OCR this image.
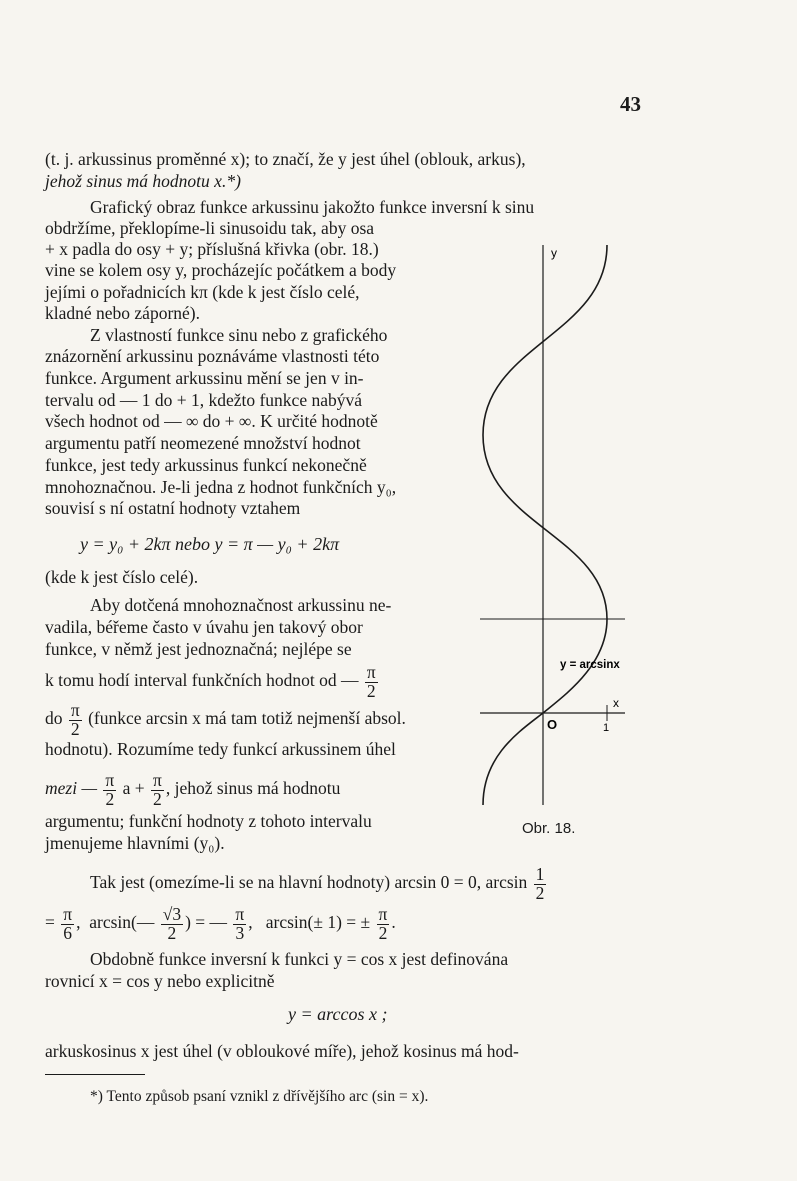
43
(t. j. arkussinus proměnné x); to značí, že y jest úhel (oblouk, arkus),
jehož sinus má hodnotu x.*)
Grafický obraz funkce arkussinu jakožto funkce inversní k sinu
obdržíme, překlopíme-li sinusoidu tak, aby osa
+ x padla do osy + y; příslušná křivka (obr. 18.)
vine se kolem osy y, procházejíc počátkem a body
jejími o pořadnicích kπ (kde k jest číslo celé,
kladné nebo záporné).
Z vlastností funkce sinu nebo z grafického
znázornění arkussinu poznáváme vlastnosti této
funkce. Argument arkussinu mění se jen v in-
tervalu od — 1 do + 1, kdežto funkce nabývá
všech hodnot od — ∞ do + ∞. K určité hodnotě
argumentu patří neomezené množství hodnot
funkce, jest tedy arkussinus funkcí nekonečně
mnohoznačnou. Je-li jedna z hodnot funkčních y₀,
souvisí s ní ostatní hodnoty vztahem
y = y₀ + 2kπ nebo y = π — y₀ + 2kπ
(kde k jest číslo celé).
Aby dotčená mnohoznačnost arkussinu ne-
vadila, béřeme často v úvahu jen takový obor
funkce, v němž jest jednoznačná; nejlépe se
k tomu hodí interval funkčních hodnot od — $\frac{\pi}{2}$
do $\frac{\pi}{2}$ (funkce arcsin x má tam totiž nejmenší absol.
hodnotu). Rozumíme tedy funkcí arkussinem úhel
mezi — $\frac{\pi}{2}$ $a + \frac{\pi}{2}$ , jehož sinus má hodnotu
argumentu; funkční hodnoty z tohoto intervalu
jmenujeme hlavními (y₀).
Tak jest (omezíme-li se na hlavní hodnoty) arcsin 0 = 0, $\arcsin \frac{1}{2}$
= $\frac{\pi}{6}$ , arcsin(— $\frac{√3}{2}$ ) = — $\frac{\pi}{3}$ , arcsin(± 1) = ± $\frac{\pi}{2}$ .
Obdobně funkce inversní k funkci y = cos x jest definována
rovnicí x = cos y nebo explicitně
y = arccos x ;
arkuskosinus x jest úhel (v obloukové míře), jehož kosinus má hod-
*) Tento způsob psaní vznikl z dřívějšího arc (sin = x).
y
x
O	1
y = arcsinx
Obr. 18.
